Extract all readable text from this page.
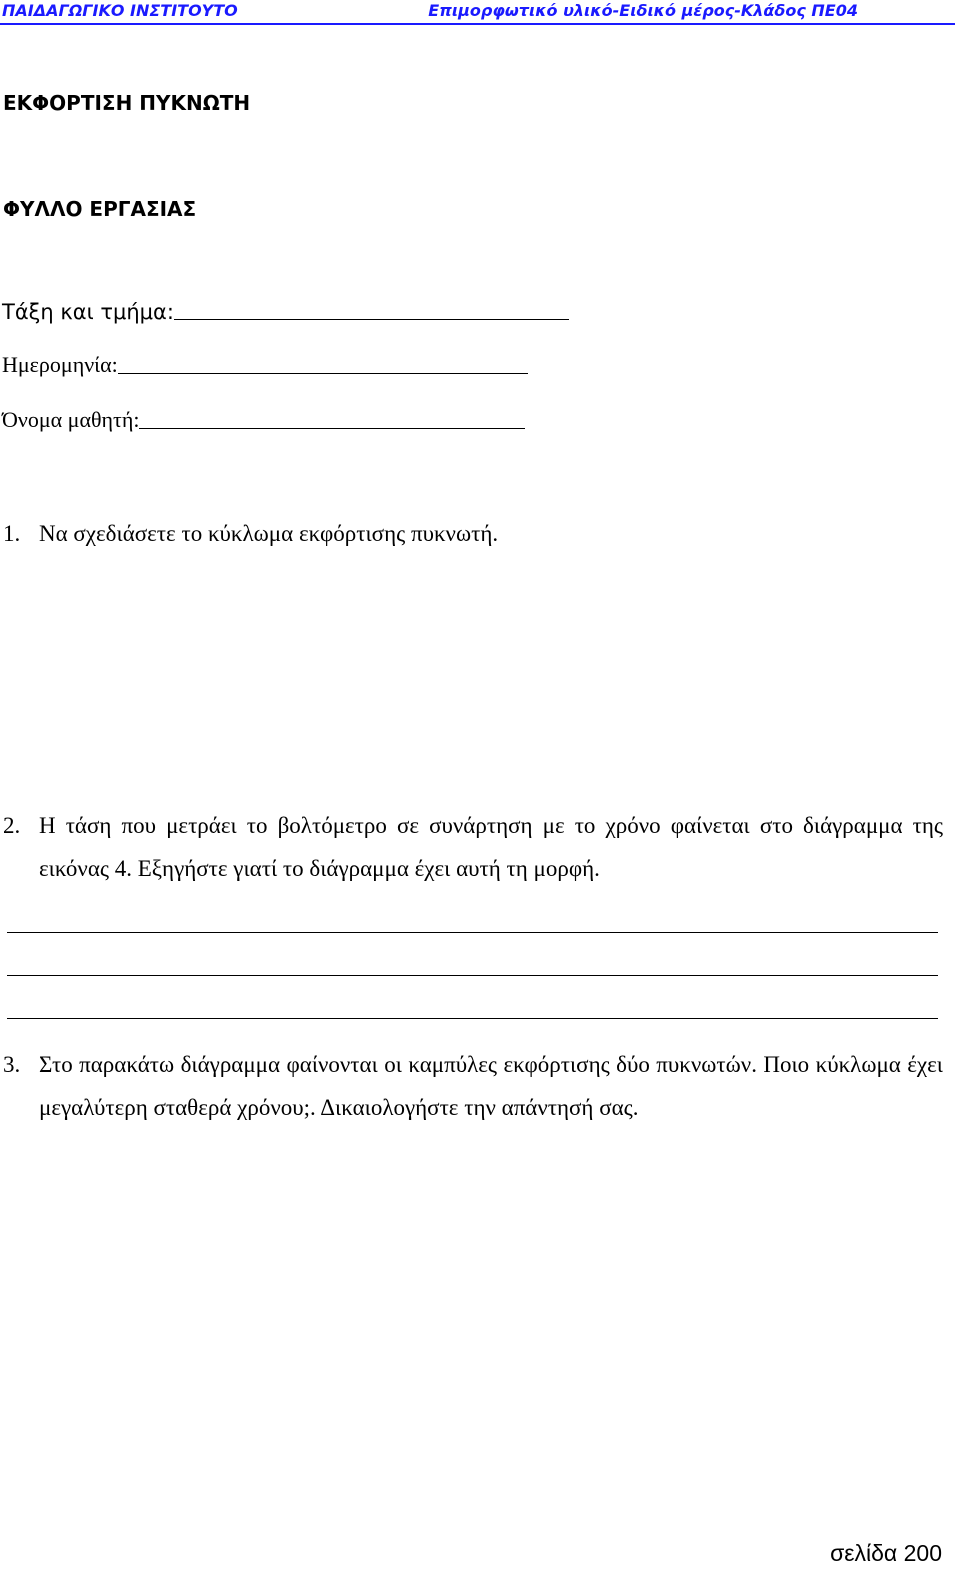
ΠΑΙΔΑΓΩΓΙΚΟ ΙΝΣΤΙΤΟΥΤΟ	Επιμορφωτικό υλικό-Ειδικό μέρος-Κλάδος ΠΕ04
ΕΚΦΟΡΤΙΣΗ ΠΥΚΝΩΤΗ
ΦΥΛΛΟ ΕΡΓΑΣΙΑΣ
Τάξη και τμήμα:
Ημερομηνία:
Όνομα μαθητή:
1. Να σχεδιάσετε το κύκλωμα εκφόρτισης πυκνωτή.
2. Η τάση που μετράει το βολτόμετρο σε συνάρτηση με το χρόνο φαίνεται στο διάγραμμα της εικόνας 4. Εξηγήστε γιατί το διάγραμμα έχει αυτή τη μορφή.
3. Στο παρακάτω διάγραμμα φαίνονται οι καμπύλες εκφόρτισης δύο πυκνωτών. Ποιο κύκλωμα έχει μεγαλύτερη σταθερά χρόνου;. Δικαιολογήστε την απάντησή σας.
σελίδα 200
